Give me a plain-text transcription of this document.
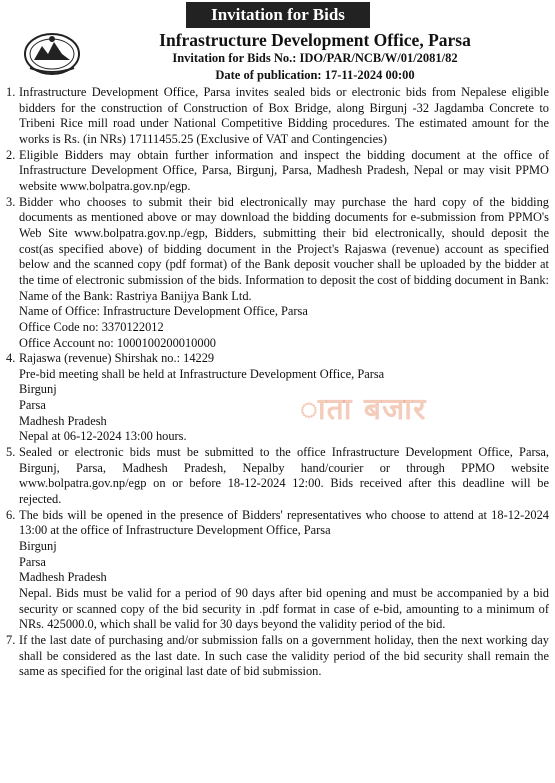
Invitation for Bids
Infrastructure Development Office, Parsa
Invitation for Bids No.: IDO/PAR/NCB/W/01/2081/82
Date of publication: 17-11-2024 00:00
ाता बजार
1. Infrastructure Development Office, Parsa invites sealed bids or electronic bids from Nepalese eligible bidders for the construction of Construction of Box Bridge, along Birgunj -32 Jagdamba Concrete to Tribeni Rice mill road under National Competitive Bidding procedures. The estimated amount for the works is Rs. (in NRs) 17111455.25 (Exclusive of VAT and Contingencies)
2. Eligible Bidders may obtain further information and inspect the bidding document at the office of Infrastructure Development Office, Parsa, Birgunj, Parsa, Madhesh Pradesh, Nepal or may visit PPMO website www.bolpatra.gov.np/egp.
3. Bidder who chooses to submit their bid electronically may purchase the hard copy of the bidding documents as mentioned above or may download the bidding documents for e-submission from PPMO's Web Site www.bolpatra.gov.np./egp, Bidders, submitting their bid electronically, should deposit the cost(as specified above) of bidding document in the Project's Rajaswa (revenue) account as specified below and the scanned copy (pdf format) of the Bank deposit voucher shall be uploaded by the bidder at the time of electronic submission of the bids. Information to deposit the cost of bidding document in Bank:
Name of the Bank: Rastriya Banijya Bank Ltd.
Name of Office: Infrastructure Development Office, Parsa
Office Code no: 3370122012
Office Account no: 1000100200010000
4. Rajaswa (revenue) Shirshak no.: 14229
Pre-bid meeting shall be held at Infrastructure Development Office, Parsa
Birgunj
Parsa
Madhesh Pradesh
Nepal at 06-12-2024 13:00 hours.
5. Sealed or electronic bids must be submitted to the office Infrastructure Development Office, Parsa, Birgunj, Parsa, Madhesh Pradesh, Nepalby hand/courier or through PPMO website www.bolpatra.gov.np/egp on or before 18-12-2024 12:00. Bids received after this deadline will be rejected.
6. The bids will be opened in the presence of Bidders' representatives who choose to attend at 18-12-2024 13:00 at the office of Infrastructure Development Office, Parsa
Birgunj
Parsa
Madhesh Pradesh
Nepal. Bids must be valid for a period of 90 days after bid opening and must be accompanied by a bid security or scanned copy of the bid security in .pdf format in case of e-bid, amounting to a minimum of NRs. 425000.0, which shall be valid for 30 days beyond the validity period of the bid.
7. If the last date of purchasing and/or submission falls on a government holiday, then the next working day shall be considered as the last date. In such case the validity period of the bid security shall remain the same as specified for the original last date of bid submission.
